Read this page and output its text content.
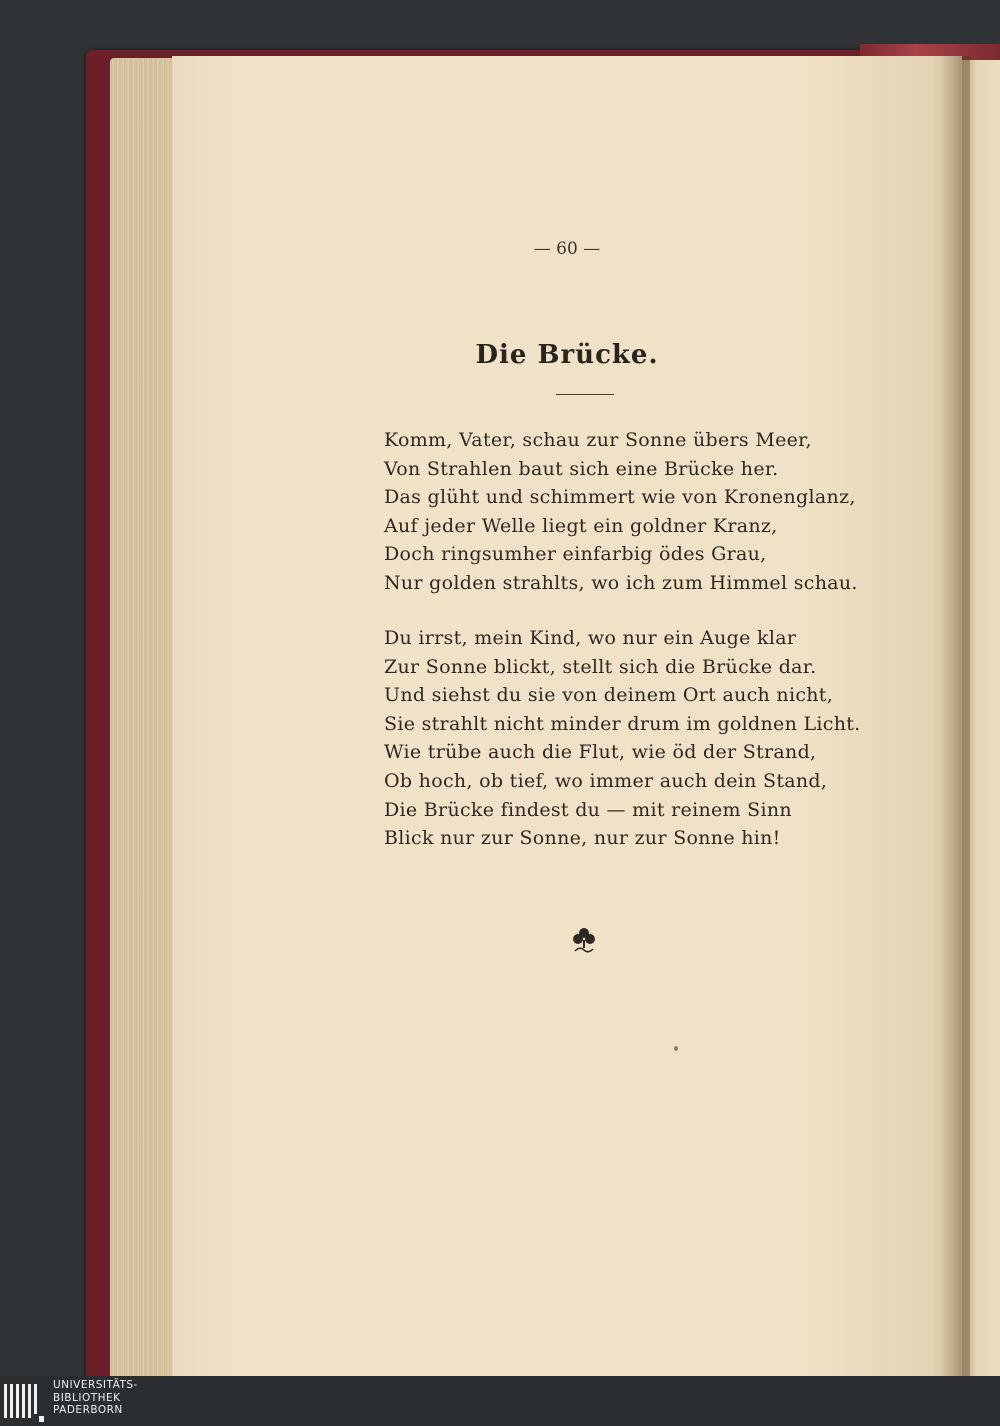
— 60 —
Die Brücke.
Komm, Vater, schau zur Sonne übers Meer,
Von Strahlen baut sich eine Brücke her.
Das glüht und schimmert wie von Kronenglanz,
Auf jeder Welle liegt ein goldner Kranz,
Doch ringsumher einfarbig ödes Grau,
Nur golden strahlts, wo ich zum Himmel schau.
Du irrst, mein Kind, wo nur ein Auge klar
Zur Sonne blickt, stellt sich die Brücke dar.
Und siehst du sie von deinem Ort auch nicht,
Sie strahlt nicht minder drum im goldnen Licht.
Wie trübe auch die Flut, wie öd der Strand,
Ob hoch, ob tief, wo immer auch dein Stand,
Die Brücke findest du — mit reinem Sinn
Blick nur zur Sonne, nur zur Sonne hin!
UNIVERSITÄTS-
BIBLIOTHEK
PADERBORN
